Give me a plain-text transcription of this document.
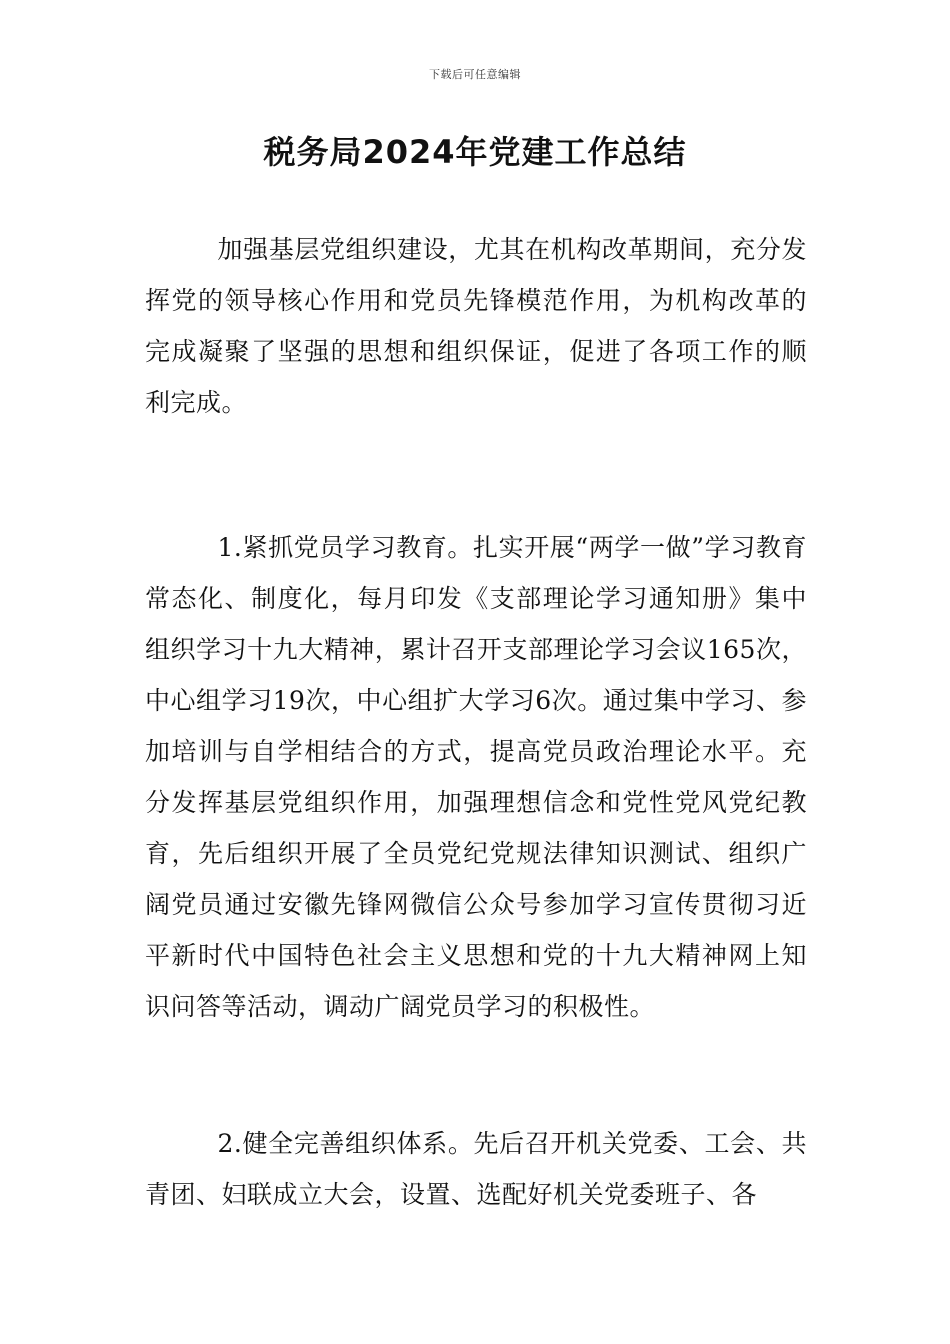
下载后可任意编辑
税务局2024年党建工作总结

加强基层党组织建设，尤其在机构改革期间，充分发挥党的领导核心作用和党员先锋模范作用，为机构改革的完成凝聚了坚强的思想和组织保证，促进了各项工作的顺利完成。

1.紧抓党员学习教育。扎实开展“两学一做”学习教育常态化、制度化，每月印发《支部理论学习通知册》集中组织学习十九大精神，累计召开支部理论学习会议165次，中心组学习19次，中心组扩大学习6次。通过集中学习、参加培训与自学相结合的方式，提高党员政治理论水平。充分发挥基层党组织作用，加强理想信念和党性党风党纪教育，先后组织开展了全员党纪党规法律知识测试、组织广阔党员通过安徽先锋网微信公众号参加学习宣传贯彻习近平新时代中国特色社会主义思想和党的十九大精神网上知识问答等活动，调动广阔党员学习的积极性。

2.健全完善组织体系。先后召开机关党委、工会、共青团、妇联成立大会，设置、选配好机关党委班子、各
